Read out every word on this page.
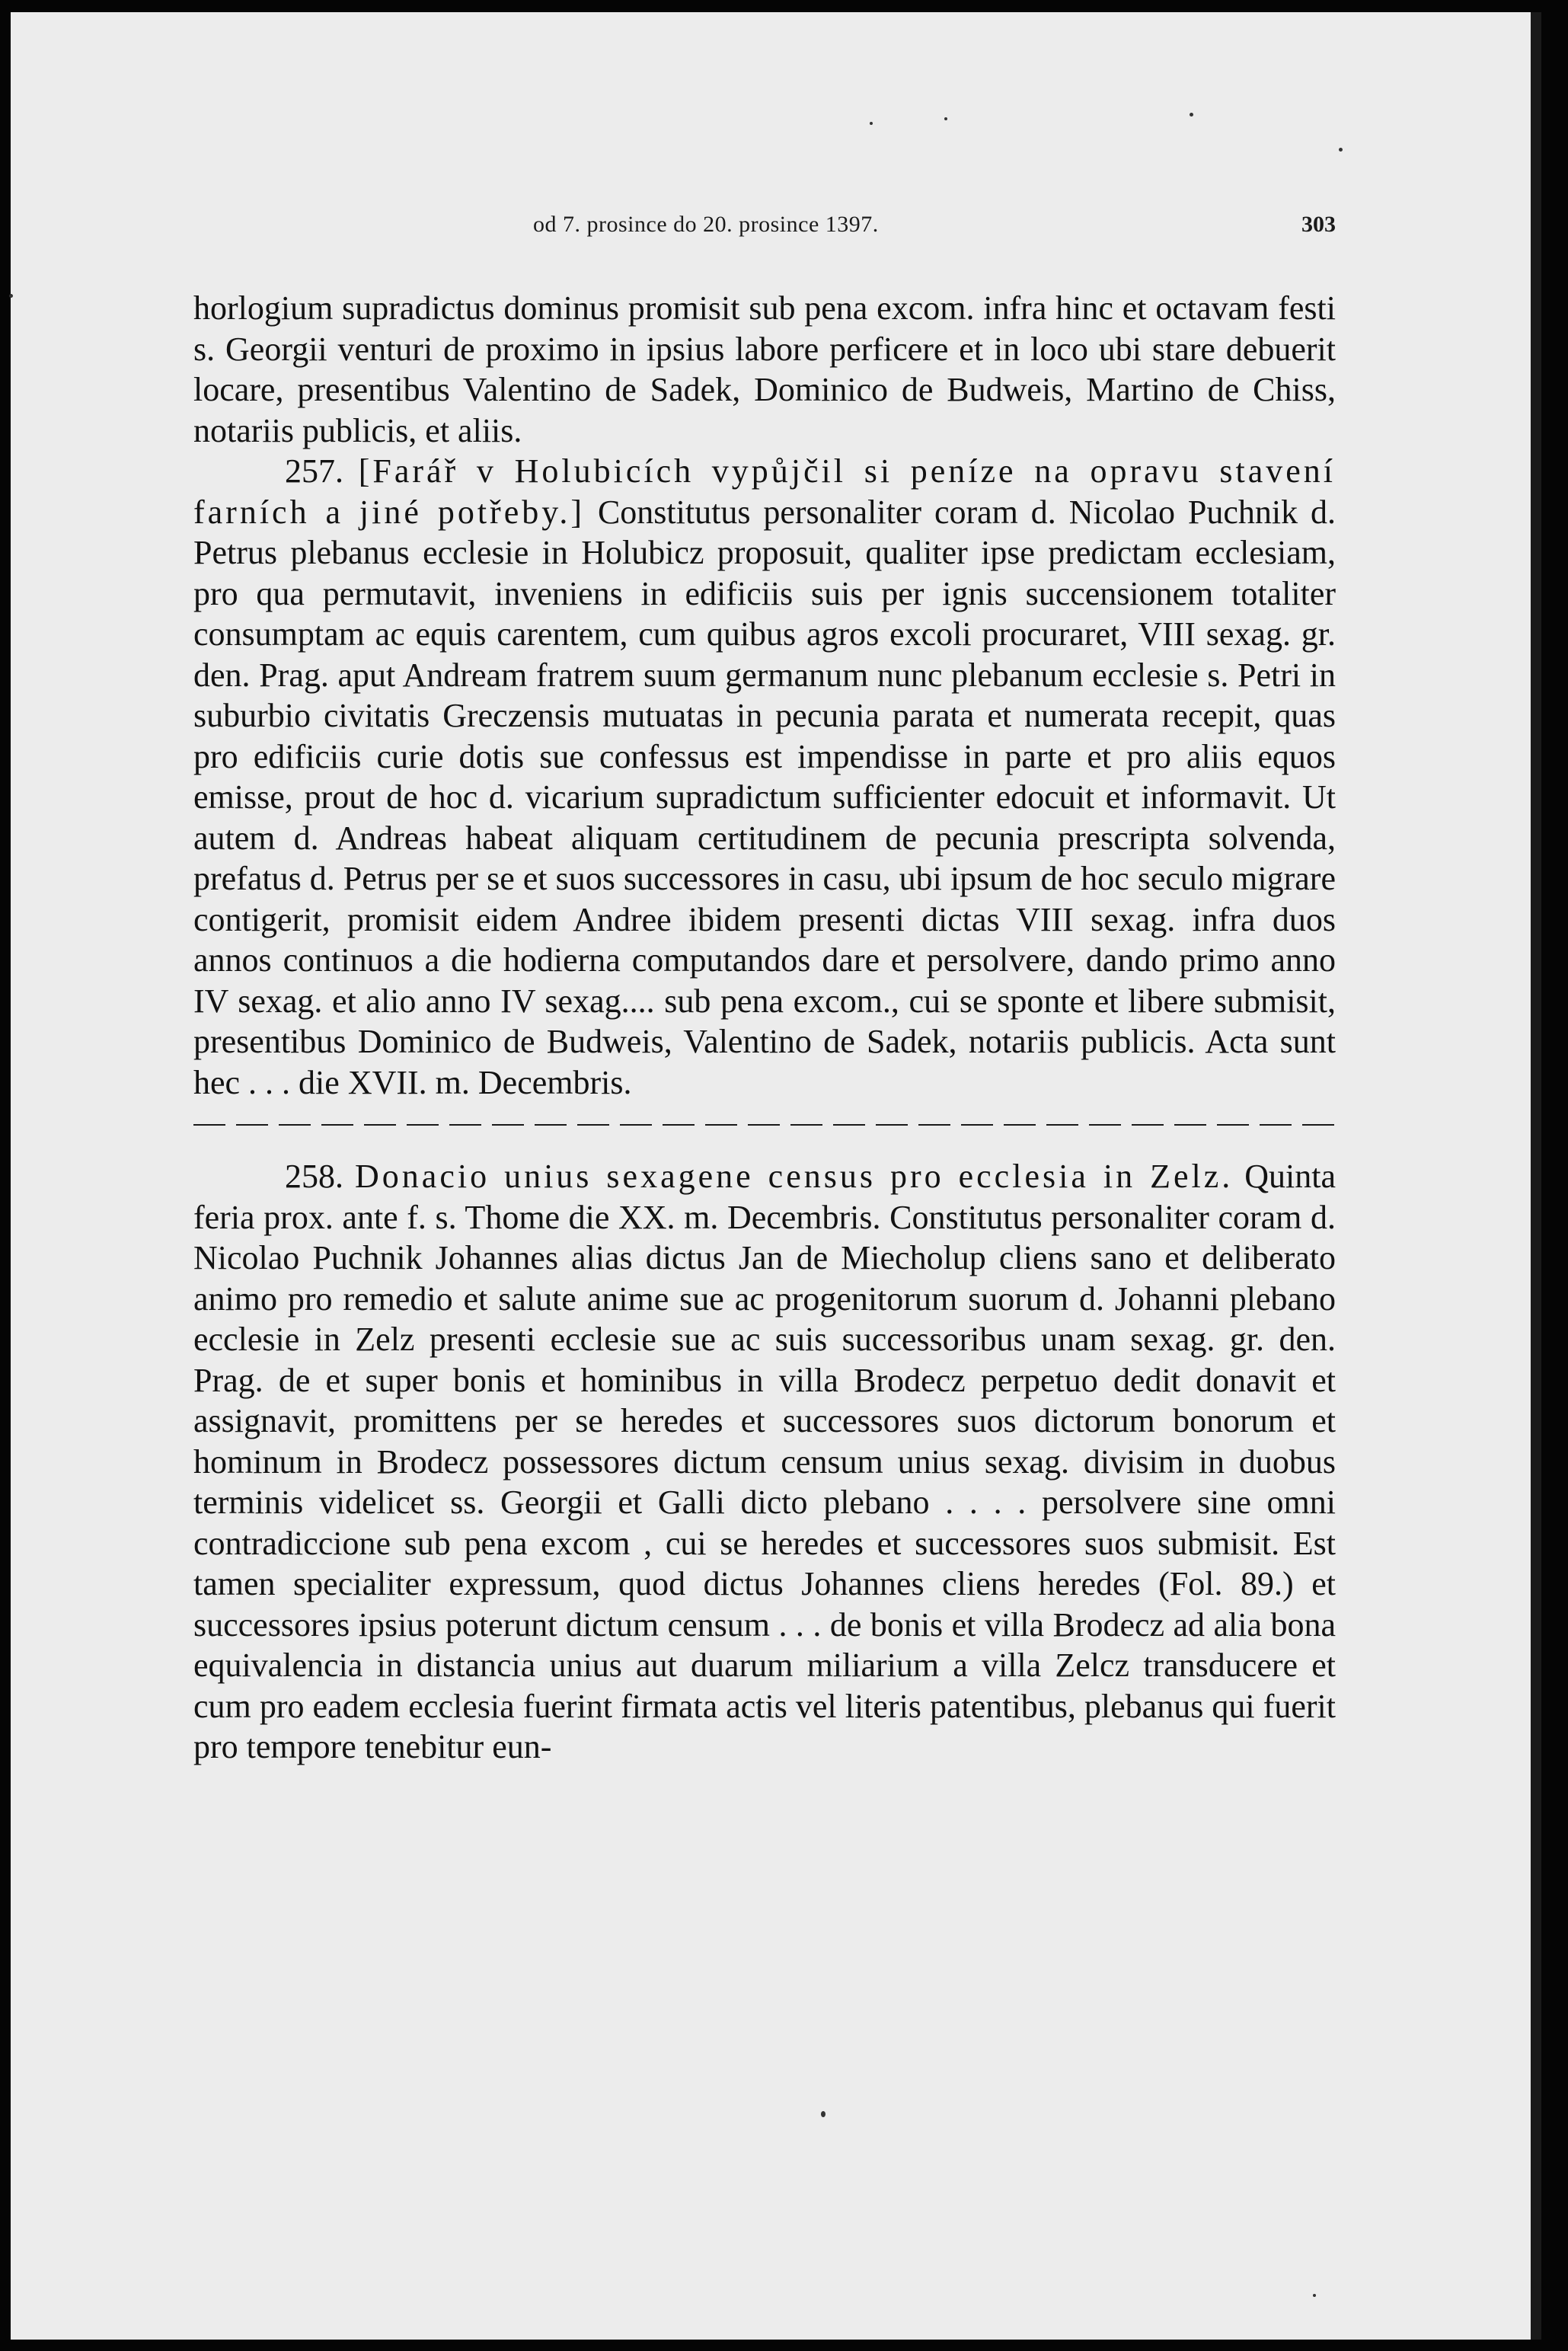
od 7. prosince do 20. prosince 1397.	303

horlogium supradictus dominus promisit sub pena excom. infra hinc et octavam festi s. Georgii venturi de proximo in ipsius labore perficere et in loco ubi stare debuerit locare, presentibus Valentino de Sadek, Dominico de Budweis, Martino de Chiss, notariis publicis, et aliis.

257. [Farář v Holubicích vypůjčil si peníze na opravu stavení farních a jiné potřeby.] Constitutus personaliter coram d. Nicolao Puchnik d. Petrus plebanus ecclesie in Holubicz proposuit, qualiter ipse predictam ecclesiam, pro qua permutavit, inveniens in edificiis suis per ignis succensionem totaliter consumptam ac equis carentem, cum quibus agros excoli procuraret, VIII sexag. gr. den. Prag. aput Andream fratrem suum germanum nunc plebanum ecclesie s. Petri in suburbio civitatis Greczensis mutuatas in pecunia parata et numerata recepit, quas pro edificiis curie dotis sue confessus est impendisse in parte et pro aliis equos emisse, prout de hoc d. vicarium supradictum sufficienter edocuit et informavit. Ut autem d. Andreas habeat aliquam certitudinem de pecunia prescripta solvenda, prefatus d. Petrus per se et suos successores in casu, ubi ipsum de hoc seculo migrare contigerit, promisit eidem Andree ibidem presenti dictas VIII sexag. infra duos annos continuos a die hodierna computandos dare et persolvere, dando primo anno IV sexag. et alio anno IV sexag.... sub pena excom., cui se sponte et libere submisit, presentibus Dominico de Budweis, Valentino de Sadek, notariis publicis. Acta sunt hec . . . die XVII. m. Decembris.

258. Donacio unius sexagene census pro ecclesia in Zelz. Quinta feria prox. ante f. s. Thome die XX. m. Decembris. Constitutus personaliter coram d. Nicolao Puchnik Johannes alias dictus Jan de Miecholup cliens sano et deliberato animo pro remedio et salute anime sue ac progenitorum suorum d. Johanni plebano ecclesie in Zelz presenti ecclesie sue ac suis successoribus unam sexag. gr. den. Prag. de et super bonis et hominibus in villa Brodecz perpetuo dedit donavit et assignavit, promittens per se heredes et successores suos dictorum bonorum et hominum in Brodecz possessores dictum censum unius sexag. divisim in duobus terminis videlicet ss. Georgii et Galli dicto plebano . . . . persolvere sine omni contradiccione sub pena excom , cui se heredes et successores suos submisit. Est tamen specialiter expressum, quod dictus Johannes cliens heredes (Fol. 89.) et successores ipsius poterunt dictum censum . . . de bonis et villa Brodecz ad alia bona equivalencia in distancia unius aut duarum miliarium a villa Zelcz transducere et cum pro eadem ecclesia fuerint firmata actis vel literis patentibus, plebanus qui fuerit pro tempore tenebitur eun-
